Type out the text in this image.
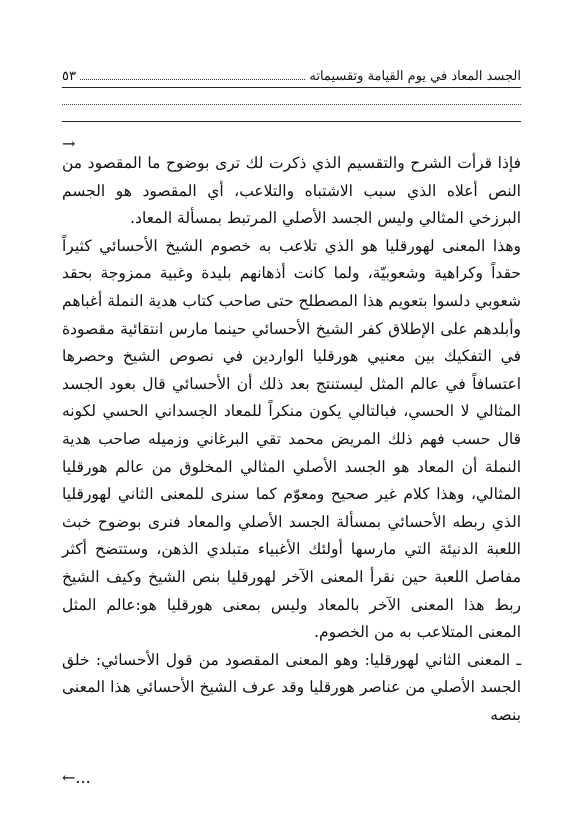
الجسد المعاد في يوم القيامة وتقسيماته
٥٣
→

فإذا قرأت الشرح والتقسيم الذي ذكرت لك ترى بوضوح ما المقصود من النص أعلاه الذي سبب الاشتباه والتلاعب، أي المقصود هو الجسم البرزخي المثالي وليس الجسد الأصلي المرتبط بمسألة المعاد.

وهذا المعنى لهورقليا هو الذي تلاعب به خصوم الشيخ الأحسائي كثيراً حقداً وكراهية وشعوبيّة، ولما كانت أذهانهم بليدة وغبية ممزوجة بحقد شعوبي دلسوا بتعويم هذا المصطلح حتى صاحب كتاب هدية النملة أغباهم وأبلدهم على الإطلاق كفر الشيخ الأحسائي حينما مارس انتقائية مقصودة في التفكيك بين معنيي هورقليا الواردين في نصوص الشيخ وحصرها اعتسافاً في عالم المثل ليستنتج بعد ذلك أن الأحسائي قال بعود الجسد المثالي لا الحسي، فبالتالي يكون منكراً للمعاد الجسداني الحسي لكونه قال حسب فهم ذلك المريض محمد تقي البرغاني وزميله صاحب هدية النملة أن المعاد هو الجسد الأصلي المثالي المخلوق من عالم هورقليا المثالي، وهذا كلام غير صحيح ومعوّم كما سنرى للمعنى الثاني لهورقليا الذي ربطه الأحسائي بمسألة الجسد الأصلي والمعاد فنرى بوضوح خبث اللعبة الدنيئة التي مارسها أولئك الأغبياء متبلدي الذهن، وستتضح أكثر مفاصل اللعبة حين نقرأ المعنى الآخر لهورقليا بنص الشيخ وكيف الشيخ ربط هذا المعنى الآخر بالمعاد وليس بمعنى هورقليا هو:عالم المثل المعنى المتلاعب به من الخصوم.

ـ المعنى الثاني لهورقليا: وهو المعنى المقصود من قول الأحسائي: خلق الجسد الأصلي من عناصر هورقليا وقد عرف الشيخ الأحسائي هذا المعنى بنصه

←...
